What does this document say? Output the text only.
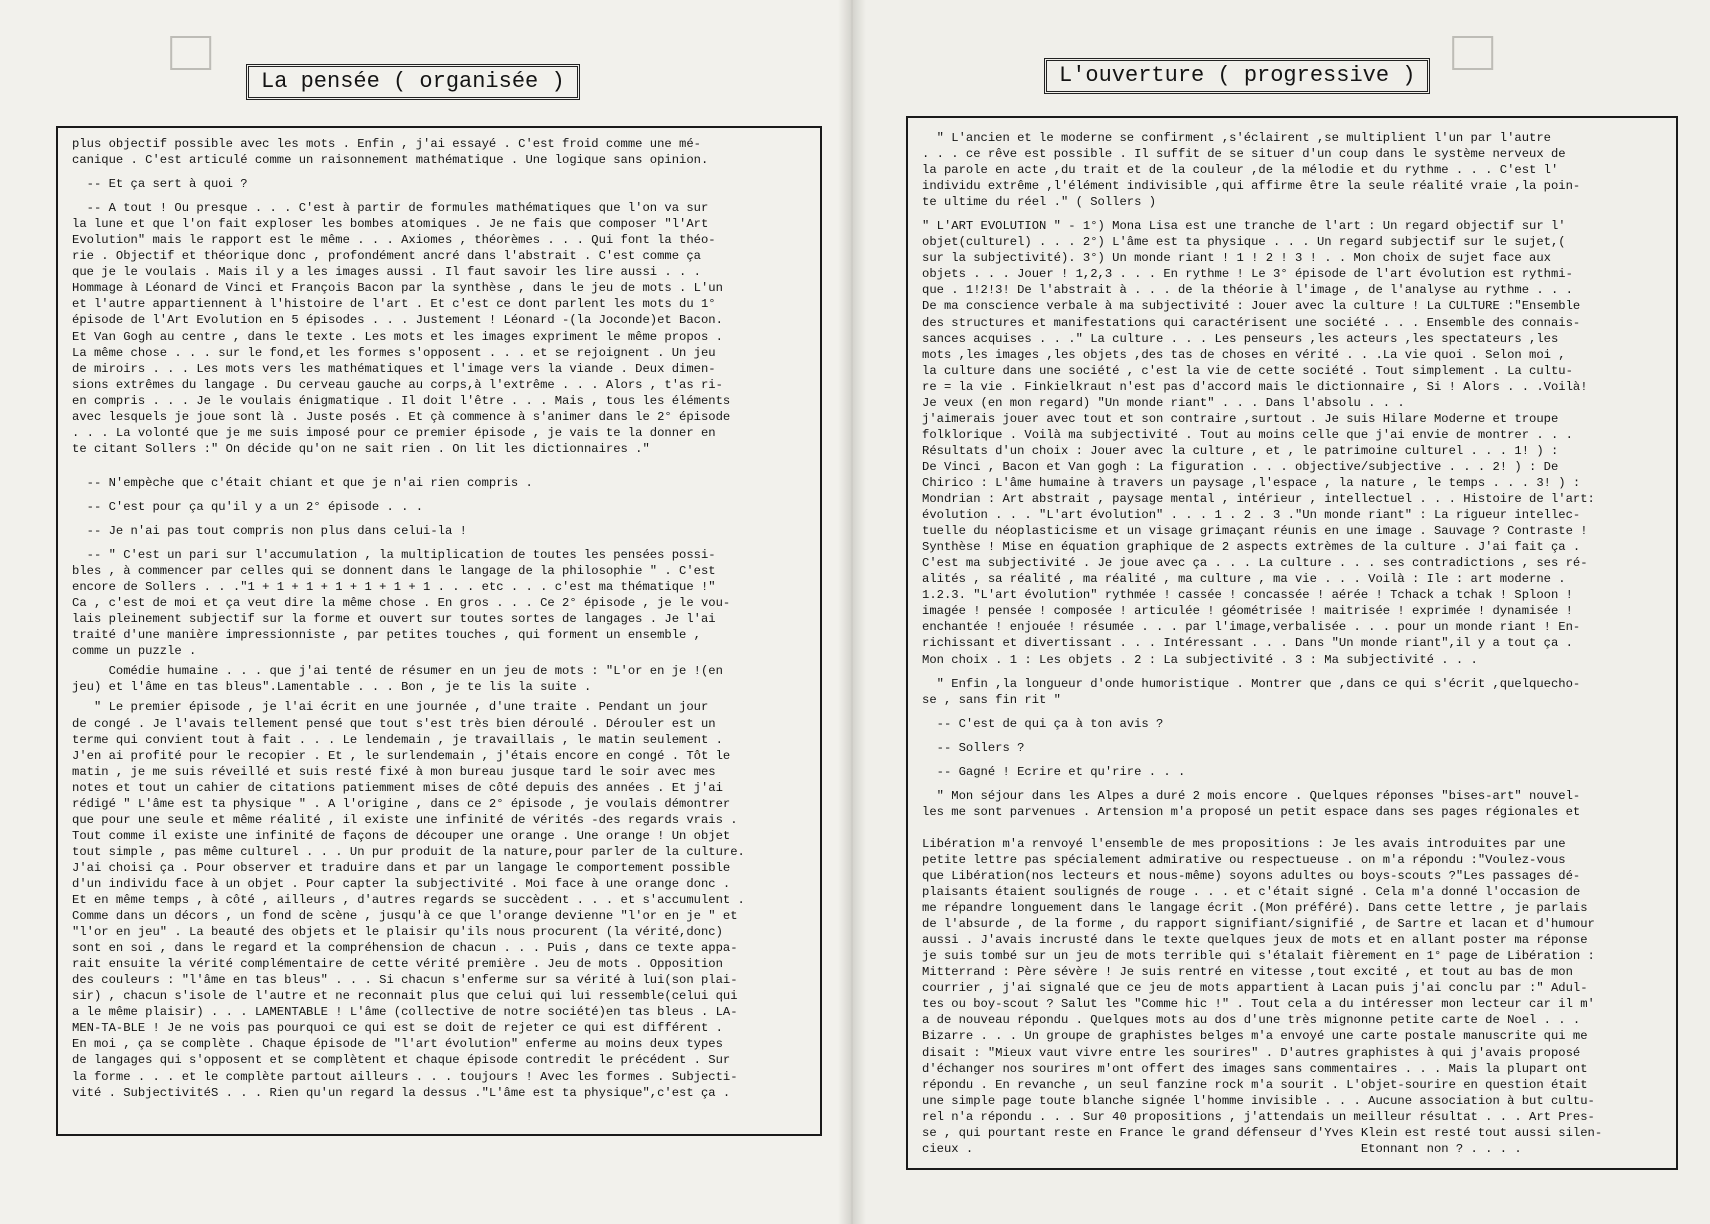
La pensée ( organisée )

plus objectif possible avec les mots . Enfin , j'ai essayé . C'est froid comme une mé-
canique . C'est articulé comme un raisonnement mathématique . Une logique sans opinion.

-- Et ça sert à quoi ?

-- A tout ! Ou presque . . . C'est à partir de formules mathématiques que l'on va sur
la lune et que l'on fait exploser les bombes atomiques . Je ne fais que composer "l'Art
Evolution" mais le rapport est le même . . . Axiomes , théorèmes . . . Qui font la théo-
rie . Objectif et théorique donc , profondément ancré dans l'abstrait . C'est comme ça
que je le voulais . Mais il y a les images aussi . Il faut savoir les lire aussi . . .
Hommage à Léonard de Vinci et François Bacon par la synthèse , dans le jeu de mots . L'un
et l'autre appartiennent à l'histoire de l'art . Et c'est ce dont parlent les mots du 1°
épisode de l'Art Evolution en 5 épisodes . . . Justement ! Léonard -(la Joconde)et Bacon.
Et Van Gogh au centre , dans le texte . Les mots et les images expriment le même propos .
La même chose . . . sur le fond,et les formes s'opposent . . . et se rejoignent . Un jeu
de miroirs . . . Les mots vers les mathématiques et l'image vers la viande . Deux dimen-
sions extrêmes du langage . Du cerveau gauche au corps,à l'extrême . . . Alors , t'as ri-
en compris . . . Je le voulais énigmatique . Il doit l'être . . . Mais , tous les éléments
avec lesquels je joue sont là . Juste posés . Et çà commence à s'animer dans le 2° épisode
. . . La volonté que je me suis imposé pour ce premier épisode , je vais te la donner en
te citant Sollers :" On décide qu'on ne sait rien . On lit les dictionnaires ."

-- N'empèche que c'était chiant et que je n'ai rien compris .

-- C'est pour ça qu'il y a un 2° épisode . . .

-- Je n'ai pas tout compris non plus dans celui-la !

-- " C'est un pari sur l'accumulation , la multiplication de toutes les pensées possi-
bles , à commencer par celles qui se donnent dans le langage de la philosophie " . C'est
encore de Sollers . . ."1 + 1 + 1 + 1 + 1 + 1 + 1 . . . etc . . . c'est ma thématique !"
Ca , c'est de moi et ça veut dire la même chose . En gros . . . Ce 2° épisode , je le vou-
lais pleinement subjectif sur la forme et ouvert sur toutes sortes de langages . Je l'ai
traité d'une manière impressionniste , par petites touches , qui forment un ensemble ,
comme un puzzle .

Comédie humaine . . . que j'ai tenté de résumer en un jeu de mots : "L'or en je !(en
jeu) et l'âme en tas bleus".Lamentable . . . Bon , je te lis la suite .

" Le premier épisode , je l'ai écrit en une journée , d'une traite . Pendant un jour
de congé . Je l'avais tellement pensé que tout s'est très bien déroulé . Dérouler est un
terme qui convient tout à fait . . . Le lendemain , je travaillais , le matin seulement .
J'en ai profité pour le recopier . Et , le surlendemain , j'étais encore en congé . Tôt le
matin , je me suis réveillé et suis resté fixé à mon bureau jusque tard le soir avec mes
notes et tout un cahier de citations patiemment mises de côté depuis des années . Et j'ai
rédigé " L'âme est ta physique " . A l'origine , dans ce 2° épisode , je voulais démontrer
que pour une seule et même réalité , il existe une infinité de vérités -des regards vrais .
Tout comme il existe une infinité de façons de découper une orange . Une orange ! Un objet
tout simple , pas même culturel . . . Un pur produit de la nature,pour parler de la culture.
J'ai choisi ça . Pour observer et traduire dans et par un langage le comportement possible
d'un individu face à un objet . Pour capter la subjectivité . Moi face à une orange donc .
Et en même temps , à côté , ailleurs , d'autres regards se succèdent . . . et s'accumulent .
Comme dans un décors , un fond de scène , jusqu'à ce que l'orange devienne "l'or en je " et
"l'or en jeu" . La beauté des objets et le plaisir qu'ils nous procurent (la vérité,donc)
sont en soi , dans le regard et la compréhension de chacun . . . Puis , dans ce texte appa-
rait ensuite la vérité complémentaire de cette vérité première . Jeu de mots . Opposition
des couleurs : "l'âme en tas bleus" . . . Si chacun s'enferme sur sa vérité à lui(son plai-
sir) , chacun s'isole de l'autre et ne reconnait plus que celui qui lui ressemble(celui qui
a le même plaisir) . . . LAMENTABLE ! L'âme (collective de notre société)en tas bleus . LA-
MEN-TA-BLE ! Je ne vois pas pourquoi ce qui est se doit de rejeter ce qui est différent .
En moi , ça se complète . Chaque épisode de "l'art évolution" enferme au moins deux types
de langages qui s'opposent et se complètent et chaque épisode contredit le précédent . Sur
la forme . . . et le complète partout ailleurs . . . toujours ! Avec les formes . Subjecti-
vité . SubjectivitéS . . . Rien qu'un regard la dessus ."L'âme est ta physique",c'est ça .

L'ouverture ( progressive )

" L'ancien et le moderne se confirment ,s'éclairent ,se multiplient l'un par l'autre
. . . ce rêve est possible . Il suffit de se situer d'un coup dans le système nerveux de
la parole en acte ,du trait et de la couleur ,de la mélodie et du rythme . . . C'est l'
individu extrême ,l'élément indivisible ,qui affirme être la seule réalité vraie ,la poin-
te ultime du réel ." ( Sollers )

" L'ART EVOLUTION " - 1°) Mona Lisa est une tranche de l'art : Un regard objectif sur l'
objet(culturel) . . . 2°) L'âme est ta physique . . . Un regard subjectif sur le sujet,(
sur la subjectivité). 3°) Un monde riant ! 1 ! 2 ! 3 ! . . Mon choix de sujet face aux
objets . . . Jouer ! 1,2,3 . . . En rythme ! Le 3° épisode de l'art évolution est rythmi-
que . 1!2!3! De l'abstrait à . . . de la théorie à l'image , de l'analyse au rythme . . .
De ma conscience verbale à ma subjectivité : Jouer avec la culture ! La CULTURE :"Ensemble
des structures et manifestations qui caractérisent une société . . . Ensemble des connais-
sances acquises . . ." La culture . . . Les penseurs ,les acteurs ,les spectateurs ,les
mots ,les images ,les objets ,des tas de choses en vérité . . .La vie quoi . Selon moi ,
la culture dans une société , c'est la vie de cette société . Tout simplement . La cultu-
re = la vie . Finkielkraut n'est pas d'accord mais le dictionnaire , Si ! Alors . . .Voilà!
Je veux (en mon regard) "Un monde riant" . . . Dans l'absolu . . .
j'aimerais jouer avec tout et son contraire ,surtout . Je suis Hilare Moderne et troupe
folklorique . Voilà ma subjectivité . Tout au moins celle que j'ai envie de montrer . . .
Résultats d'un choix : Jouer avec la culture , et , le patrimoine culturel . . . 1! ) :
De Vinci , Bacon et Van gogh : La figuration . . . objective/subjective . . . 2! ) : De
Chirico : L'âme humaine à travers un paysage ,l'espace , la nature , le temps . . . 3! ) :
Mondrian : Art abstrait , paysage mental , intérieur , intellectuel . . . Histoire de l'art:
évolution . . . "L'art évolution" . . . 1 . 2 . 3 ."Un monde riant" : La rigueur intellec-
tuelle du néoplasticisme et un visage grimaçant réunis en une image . Sauvage ? Contraste !
Synthèse ! Mise en équation graphique de 2 aspects extrèmes de la culture . J'ai fait ça .
C'est ma subjectivité . Je joue avec ça . . . La culture . . . ses contradictions , ses ré-
alités , sa réalité , ma réalité , ma culture , ma vie . . . Voilà : Ile : art moderne .
1.2.3. "L'art évolution" rythmée ! cassée ! concassée ! aérée ! Tchack a tchak ! Sploon !
imagée ! pensée ! composée ! articulée ! géométrisée ! maitrisée ! exprimée ! dynamisée !
enchantée ! enjouée ! résumée . . . par l'image,verbalisée . . . pour un monde riant ! En-
richissant et divertissant . . . Intéressant . . . Dans "Un monde riant",il y a tout ça .
Mon choix . 1 : Les objets . 2 : La subjectivité . 3 : Ma subjectivité . . .

" Enfin ,la longueur d'onde humoristique . Montrer que ,dans ce qui s'écrit ,quelquecho-
se , sans fin rit "

-- C'est de qui ça à ton avis ?

-- Sollers ?

-- Gagné ! Ecrire et qu'rire . . .

" Mon séjour dans les Alpes a duré 2 mois encore . Quelques réponses "bises-art" nouvel-
les me sont parvenues . Artension m'a proposé un petit espace dans ses pages régionales et

Libération m'a renvoyé l'ensemble de mes propositions : Je les avais introduites par une
petite lettre pas spécialement admirative ou respectueuse . on m'a répondu :"Voulez-vous
que Libération(nos lecteurs et nous-même) soyons adultes ou boys-scouts ?"Les passages dé-
plaisants étaient soulignés de rouge . . . et c'était signé . Cela m'a donné l'occasion de
me répandre longuement dans le langage écrit .(Mon préféré). Dans cette lettre , je parlais
de l'absurde , de la forme , du rapport signifiant/signifié , de Sartre et lacan et d'humour
aussi . J'avais incrusté dans le texte quelques jeux de mots et en allant poster ma réponse
je suis tombé sur un jeu de mots terrible qui s'étalait fièrement en 1° page de Libération :
Mitterrand : Père sévère ! Je suis rentré en vitesse ,tout excité , et tout au bas de mon
courrier , j'ai signalé que ce jeu de mots appartient à Lacan puis j'ai conclu par :" Adul-
tes ou boy-scout ? Salut les "Comme hic !" . Tout cela a du intéresser mon lecteur car il m'
a de nouveau répondu . Quelques mots au dos d'une très mignonne petite carte de Noel . . .
Bizarre . . . Un groupe de graphistes belges m'a envoyé une carte postale manuscrite qui me
disait : "Mieux vaut vivre entre les sourires" . D'autres graphistes à qui j'avais proposé
d'échanger nos sourires m'ont offert des images sans commentaires . . . Mais la plupart ont
répondu . En revanche , un seul fanzine rock m'a sourit . L'objet-sourire en question était
une simple page toute blanche signée l'homme invisible . . . Aucune association à but cultu-
rel n'a répondu . . . Sur 40 propositions , j'attendais un meilleur résultat . . . Art Pres-
se , qui pourtant reste en France le grand défenseur d'Yves Klein est resté tout aussi silen-
cieux .                                                     Etonnant non ? . . . .
